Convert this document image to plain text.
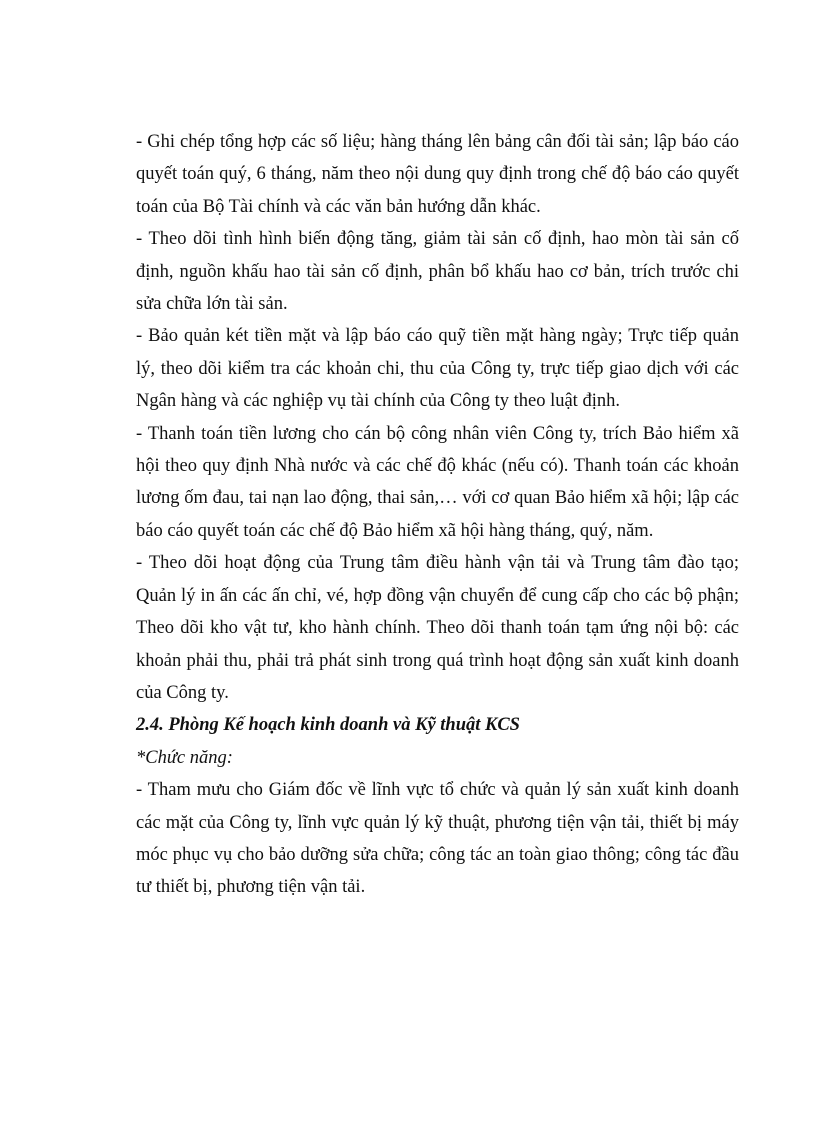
- Ghi chép tổng hợp các số liệu; hàng tháng lên bảng cân đối tài sản; lập báo cáo quyết toán quý, 6 tháng, năm theo nội dung quy định trong chế độ báo cáo quyết toán của Bộ Tài chính và các văn bản hướng dẫn khác.

- Theo dõi tình hình biến động tăng, giảm tài sản cố định, hao mòn tài sản cố định, nguồn khấu hao tài sản cố định, phân bổ khấu hao cơ bản, trích trước chi sửa chữa lớn tài sản.

- Bảo quản két tiền mặt và lập báo cáo quỹ tiền mặt hàng ngày; Trực tiếp quản lý, theo dõi kiểm tra các khoản chi, thu của Công ty, trực tiếp giao dịch với các Ngân hàng và các nghiệp vụ tài chính của Công ty theo luật định.

- Thanh toán tiền lương cho cán bộ công nhân viên Công ty, trích Bảo hiểm xã hội theo quy định Nhà nước và các chế độ khác (nếu có). Thanh toán các khoản lương ốm đau, tai nạn lao động, thai sản,… với cơ quan Bảo hiểm xã hội; lập các báo cáo quyết toán các chế độ Bảo hiểm xã hội hàng tháng, quý, năm.

- Theo dõi hoạt động của Trung tâm điều hành vận tải và Trung tâm đào tạo; Quản lý in ấn các ấn chỉ, vé, hợp đồng vận chuyển để cung cấp cho các bộ phận; Theo dõi kho vật tư, kho hành chính. Theo dõi thanh toán tạm ứng nội bộ: các khoản phải thu, phải trả phát sinh trong quá trình hoạt động sản xuất kinh doanh của Công ty.

2.4. Phòng Kế hoạch kinh doanh và Kỹ thuật KCS

*Chức năng:

- Tham mưu cho Giám đốc về lĩnh vực tổ chức và quản lý sản xuất kinh doanh các mặt của Công ty, lĩnh vực quản lý kỹ thuật, phương tiện vận tải, thiết bị máy móc phục vụ cho bảo dưỡng sửa chữa; công tác an toàn giao thông; công tác đầu tư thiết bị, phương tiện vận tải.
